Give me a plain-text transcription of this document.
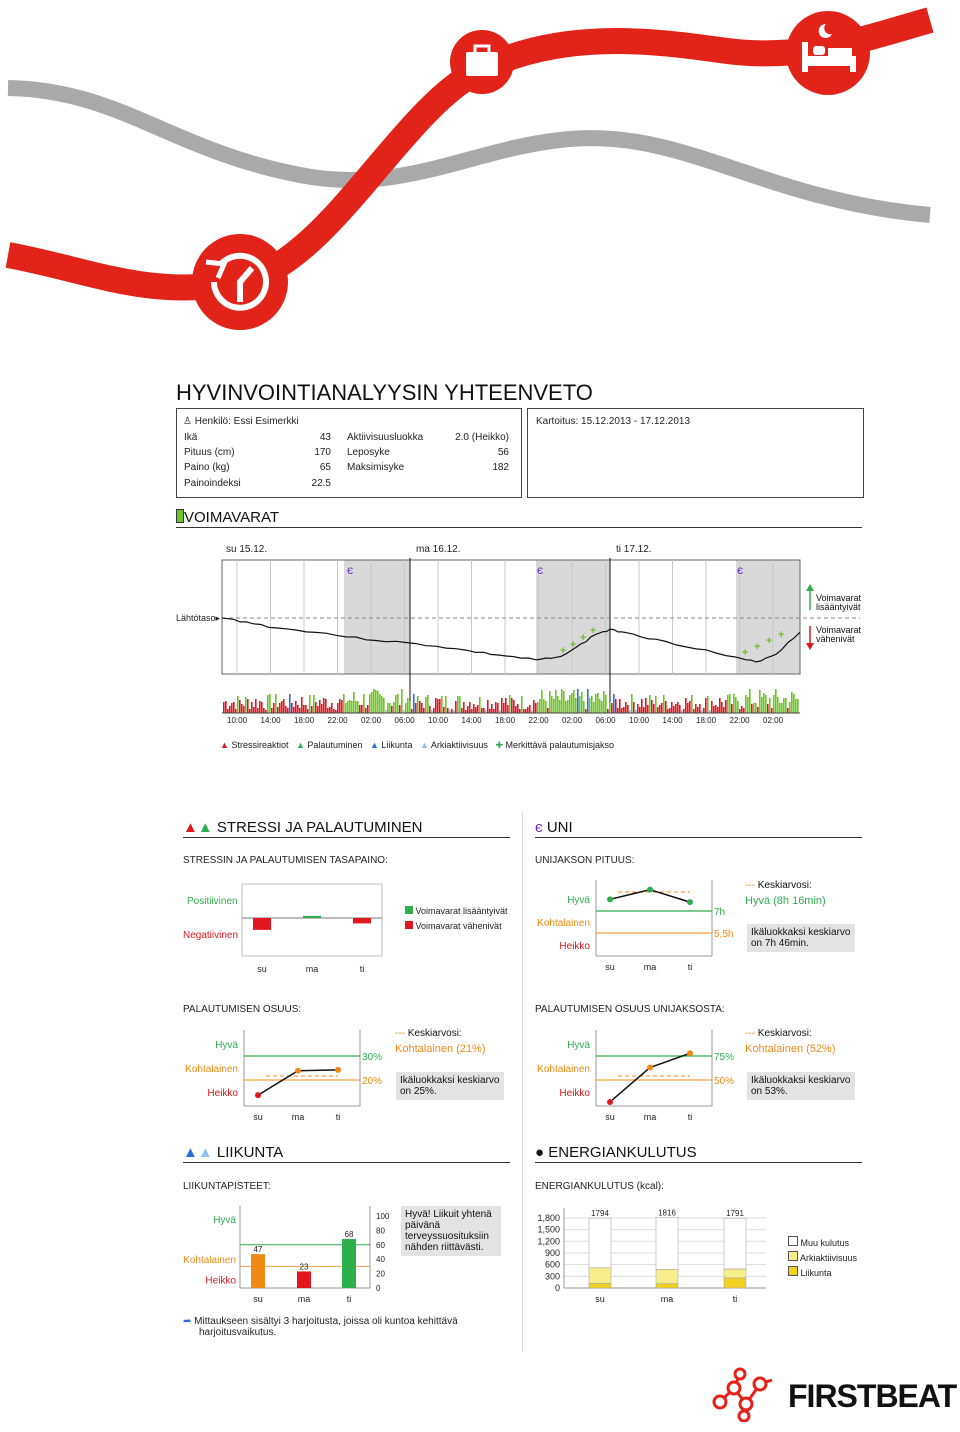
HYVINVOINTIANALYYSIN YHTEENVETO
♙ Henkilö: Essi Esimerkki
Ikä	43
Pituus (cm)	170
Paino (kg)	65
Painoindeksi	22.5
Aktiivisuusluokka	2.0 (Heikko)
Leposyke	56
Maksimisyke	182
Kartoitus: 15.12.2013 - 17.12.2013
VOIMAVARAT
su 15.12.	ma 16.12.	ti 17.12.
Lähtötaso▸
Voimavarat
lisääntyivät
Voimavarat
vähenivät
+ +
+
+
+ + + +
є	є	є
10:00 14:00 18:00 22:00 02:00 06:00 10:00 14:00 18:00 22:00 02:00 06:00 10:00 14:00 18:00 22:00 02:00
▲ Stressireaktiot ▲ Palautuminen ▲ Liikunta ▲ Arkiaktiivisuus ✚ Merkittävä palautumisjakso
▲▲ STRESSI JA PALAUTUMINEN
STRESSIN JA PALAUTUMISEN TASAPAINO:
Positiivinen
Negatiivinen
su	ma	ti
Voimavarat lisääntyivät
Voimavarat vähenivät
є UNI
UNIJAKSON PITUUS:
Hyvä
Kohtalainen
Heikko
7h
5,5h
su	ma	ti
--- Keskiarvosi:
Hyvä (8h 16min)
Ikäluokkaksi keskiarvo
on 7h 46min.
PALAUTUMISEN OSUUS:
Hyvä
Kohtalainen
Heikko
30%
20%
su	ma	ti
--- Keskiarvosi:
Kohtalainen (21%)
Ikäluokkaksi keskiarvo
on 25%.
PALAUTUMISEN OSUUS UNIJAKSOSTA:
Hyvä
Kohtalainen
Heikko
75%
50%
su	ma	ti
--- Keskiarvosi:
Kohtalainen (52%)
Ikäluokkaksi keskiarvo
on 53%.
▲▲ LIIKUNTA
LIIKUNTAPISTEET:
Hyvä
Kohtalainen
Heikko
100
80
60
40
20
0
47
su
23
ma
68
ti
Hyvä! Liikuit yhtenä
päivänä
terveyssuosituksiin
nähden riittävästi.
➦ Mittaukseen sisältyi 3 harjoitusta, joissa oli kuntoa kehittävä
harjoitusvaikutus.
● ENERGIANKULUTUS
ENERGIANKULUTUS (kcal):
1,800
1,500
1,200
900
600
300
0
1794
su
1816
ma
1791
ti
Muu kulutus
Arkiaktiivisuus
Liikunta
FIRSTBEAT
